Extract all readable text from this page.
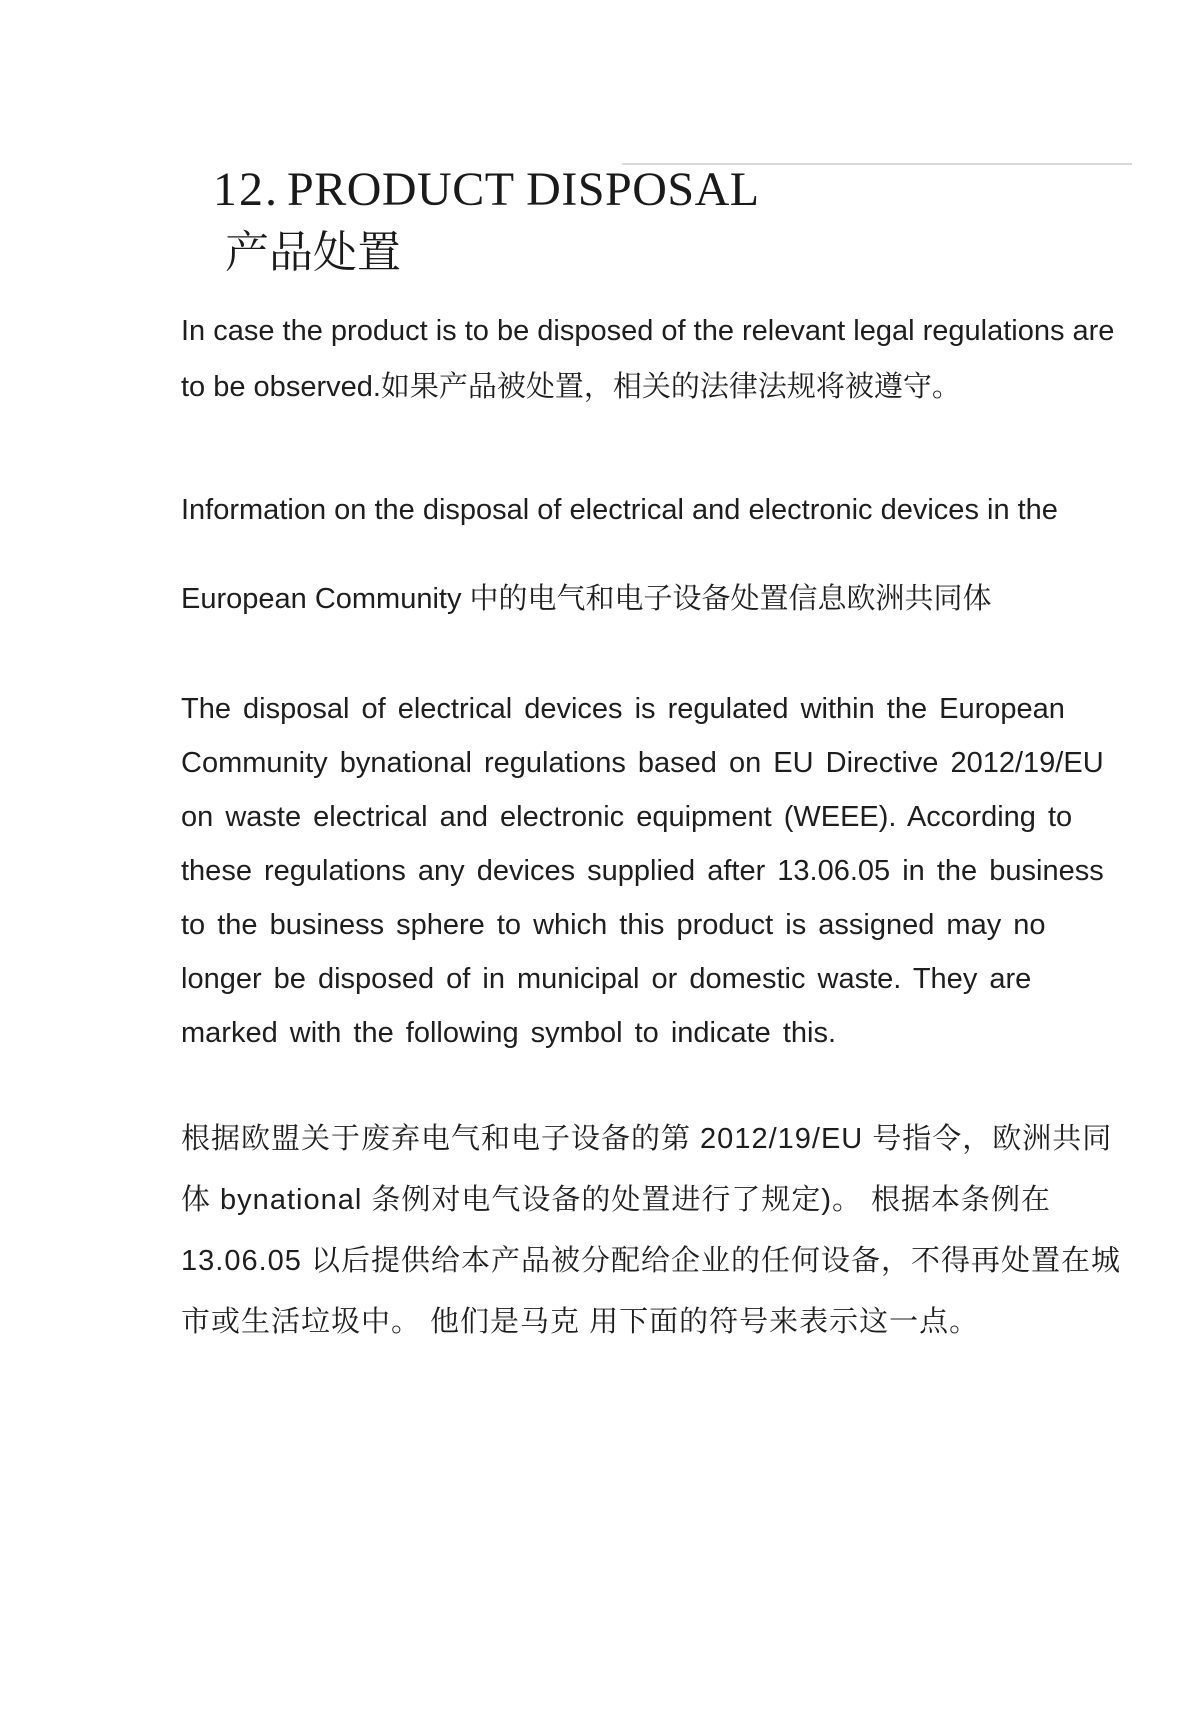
12. PRODUCT DISPOSAL
产品处置

In case the product is to be disposed of the relevant legal regulations are to be observed.如果产品被处置，相关的法律法规将被遵守。

Information on the disposal of electrical and electronic devices in the

European Community 中的电气和电子设备处置信息欧洲共同体

The disposal of electrical devices is regulated within the European Community bynational regulations based on EU Directive 2012/19/EU on waste electrical and electronic equipment (WEEE). According to these regulations any devices supplied after 13.06.05 in the business to the business sphere to which this product is assigned may no longer be disposed of in municipal or domestic waste. They are marked with the following symbol to indicate this.

根据欧盟关于废弃电气和电子设备的第 2012/19/EU 号指令，欧洲共同体 bynational 条例对电气设备的处置进行了规定)。 根据本条例在 13.06.05 以后提供给本产品被分配给企业的任何设备，不得再处置在城市或生活垃圾中。 他们是马克 用下面的符号来表示这一点。
